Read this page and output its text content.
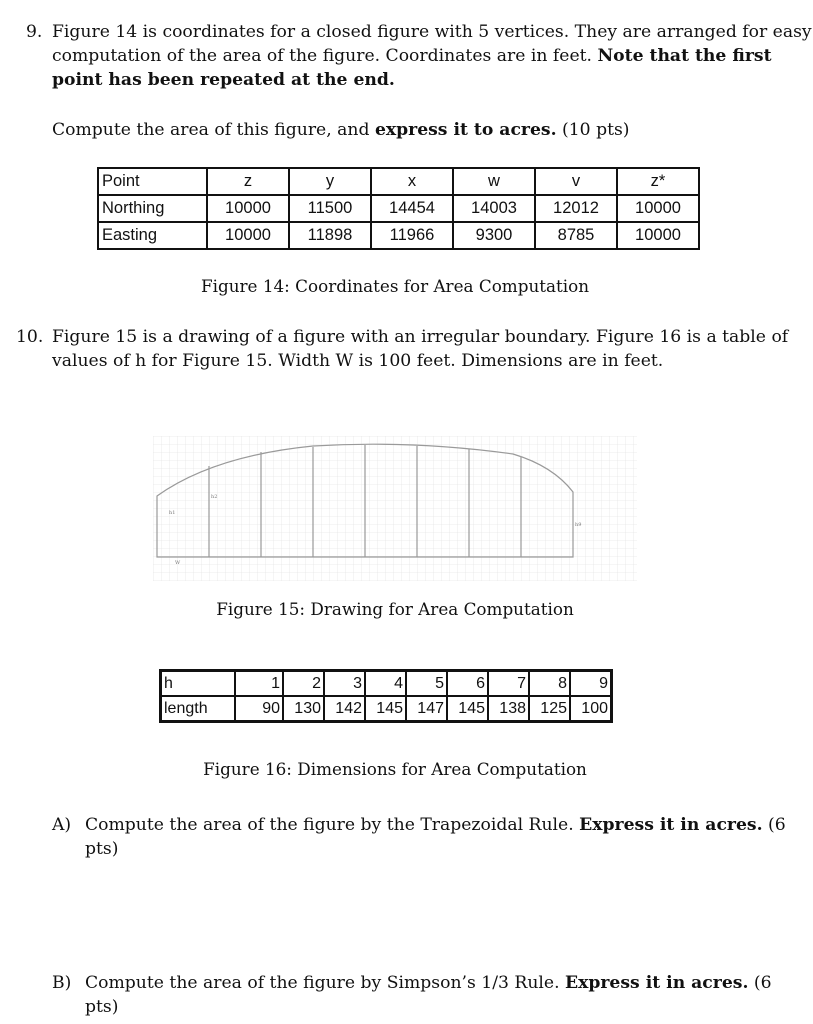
9. Figure 14 is coordinates for a closed figure with 5 vertices. They are arranged for easy
computation of the area of the figure. Coordinates are in feet. Note that the first
point has been repeated at the end.
Compute the area of this figure, and express it to acres. (10 pts)
Point	z	y	x	w	v	z*
Northing	10000	11500	14454	14003	12012	10000
Easting	10000	11898	11966	9300	8785	10000
Figure 14: Coordinates for Area Computation
10. Figure 15 is a drawing of a figure with an irregular boundary. Figure 16 is a table of
values of h for Figure 15. Width W is 100 feet. Dimensions are in feet.
h1
h2
h9
W
Figure 15: Drawing for Area Computation
h	1	2	3	4	5	6	7	8	9
length	90	130	142	145	147	145	138	125	100
Figure 16: Dimensions for Area Computation
A) Compute the area of the figure by the Trapezoidal Rule. Express it in acres. (6
pts)
B) Compute the area of the figure by Simpson’s 1/3 Rule. Express it in acres. (6
pts)
